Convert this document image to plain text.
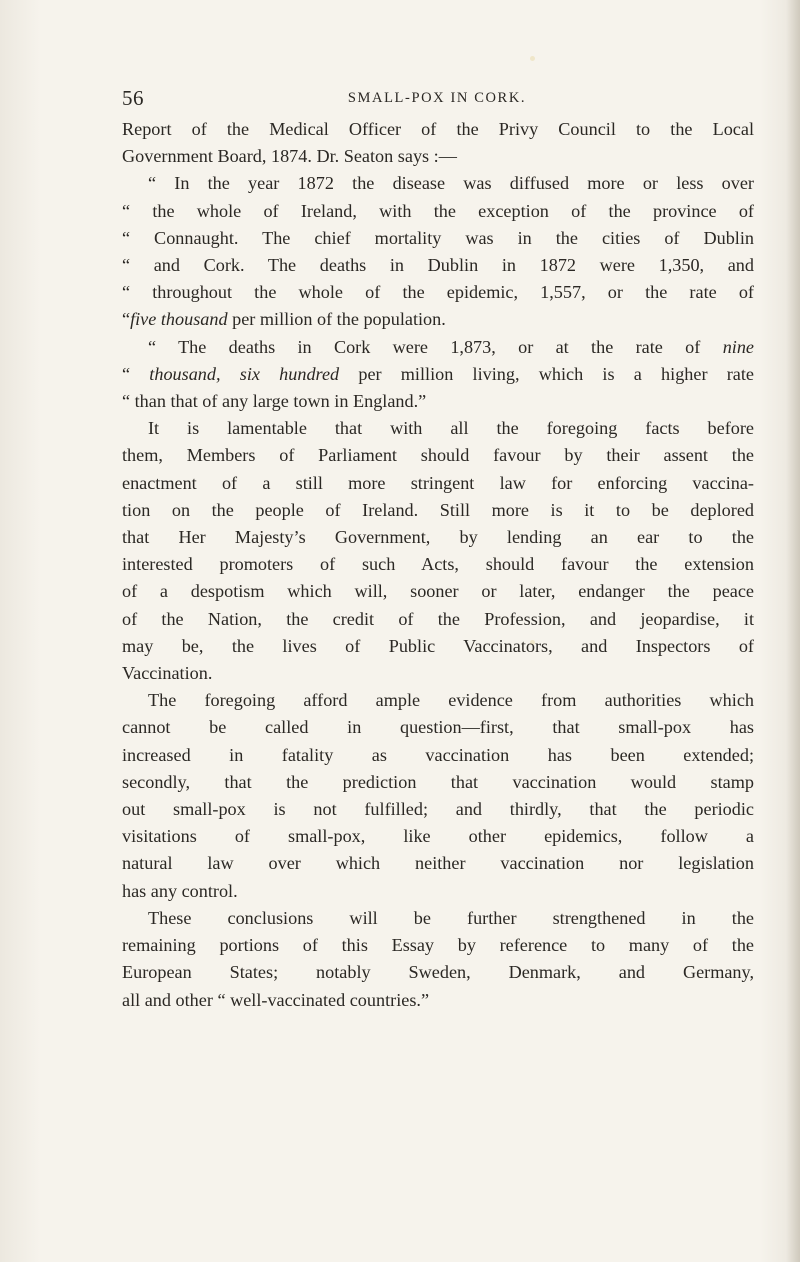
56	SMALL-POX IN CORK.
Report of the Medical Officer of the Privy Council to the Local
Government Board, 1874. Dr. Seaton says :—
“ In the year 1872 the disease was diffused more or less over
“ the whole of Ireland, with the exception of the province of
“ Connaught. The chief mortality was in the cities of Dublin
“ and Cork. The deaths in Dublin in 1872 were 1,350, and
“ throughout the whole of the epidemic, 1,557, or the rate of
“five thousand per million of the population.
“ The deaths in Cork were 1,873, or at the rate of nine
“ thousand, six hundred per million living, which is a higher rate
“ than that of any large town in England.”
It is lamentable that with all the foregoing facts before
them, Members of Parliament should favour by their assent the
enactment of a still more stringent law for enforcing vaccina-
tion on the people of Ireland. Still more is it to be deplored
that Her Majesty’s Government, by lending an ear to the
interested promoters of such Acts, should favour the extension
of a despotism which will, sooner or later, endanger the peace
of the Nation, the credit of the Profession, and jeopardise, it
may be, the lives of Public Vaccinators, and Inspectors of
Vaccination.
The foregoing afford ample evidence from authorities which
cannot be called in question—first, that small-pox has
increased in fatality as vaccination has been extended;
secondly, that the prediction that vaccination would stamp
out small-pox is not fulfilled; and thirdly, that the periodic
visitations of small-pox, like other epidemics, follow a
natural law over which neither vaccination nor legislation
has any control.
These conclusions will be further strengthened in the
remaining portions of this Essay by reference to many of the
European States; notably Sweden, Denmark, and Germany,
all and other “ well-vaccinated countries.”
